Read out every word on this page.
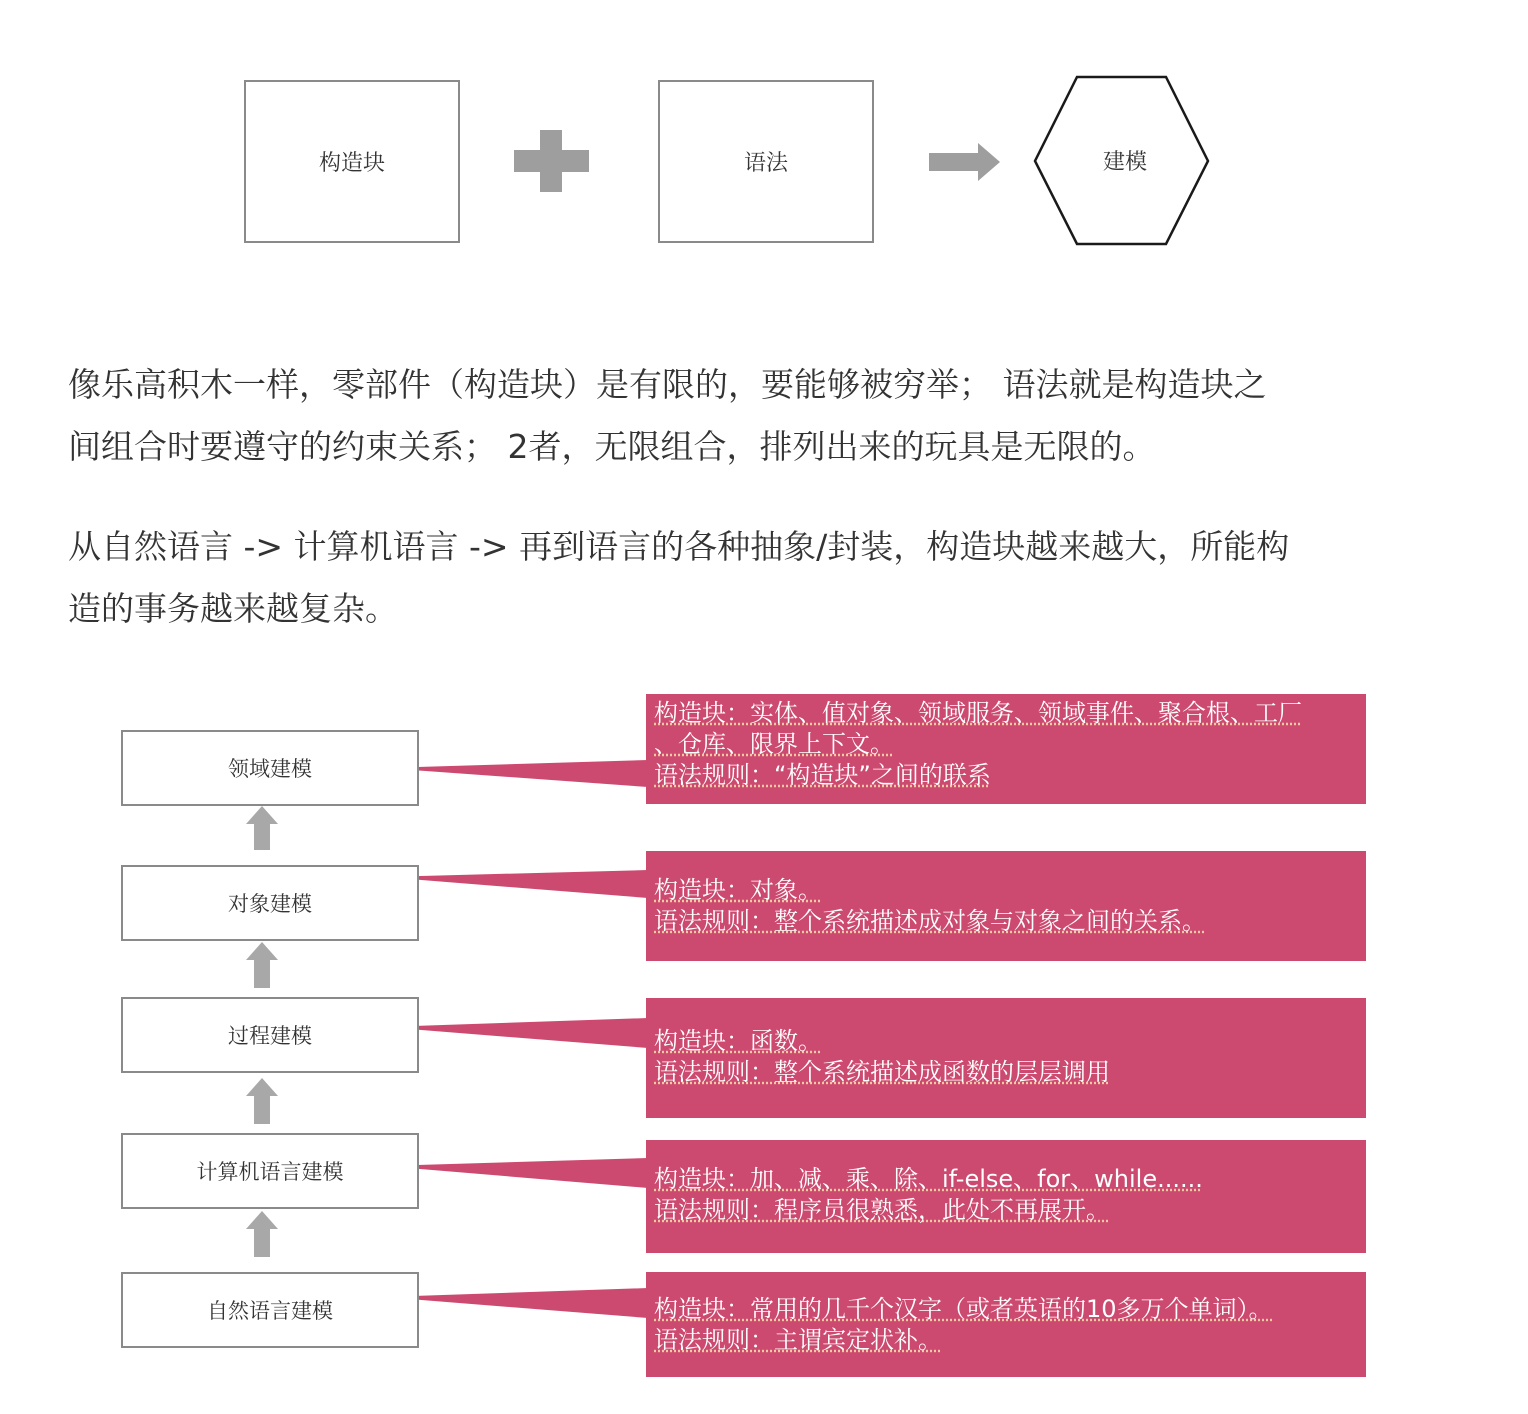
构造块	语法	建模

像乐高积木一样，零部件（构造块）是有限的，要能够被穷举； 语法就是构造块之
间组合时要遵守的约束关系； 2者，无限组合，排列出来的玩具是无限的。

从自然语言 -> 计算机语言 -> 再到语言的各种抽象/封装，构造块越来越大，所能构
造的事务越来越复杂。

领域建模
对象建模
过程建模
计算机语言建模
自然语言建模
构造块：实体、值对象、领域服务、领域事件、聚合根、工厂
、仓库、限界上下文。
语法规则：“构造块”之间的联系
构造块：对象。
语法规则：整个系统描述成对象与对象之间的关系。
构造块：函数。
语法规则：整个系统描述成函数的层层调用
构造块：加、减、乘、除、if-else、for、while......
语法规则：程序员很熟悉，此处不再展开。
构造块：常用的几千个汉字（或者英语的10多万个单词）。
语法规则：主谓宾定状补。
